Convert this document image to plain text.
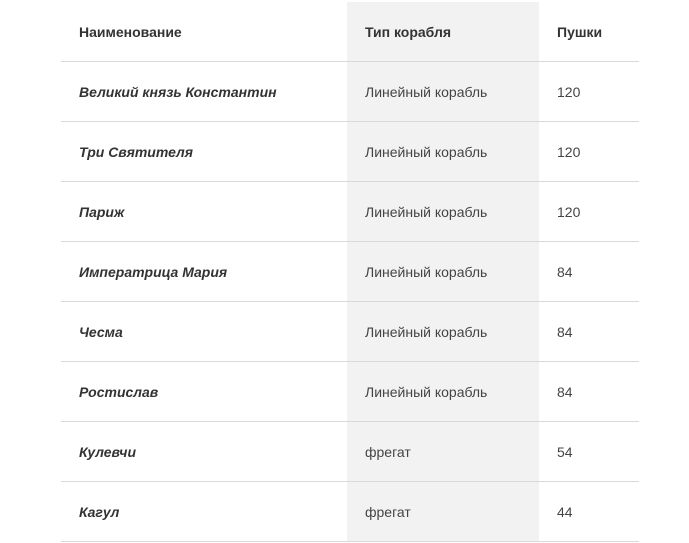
Наименование	Тип корабля	Пушки
Великий князь Константин	Линейный корабль	120
Три Святителя	Линейный корабль	120
Париж	Линейный корабль	120
Императрица Мария	Линейный корабль	84
Чесма	Линейный корабль	84
Ростислав	Линейный корабль	84
Кулевчи	фрегат	54
Кагул	фрегат	44
